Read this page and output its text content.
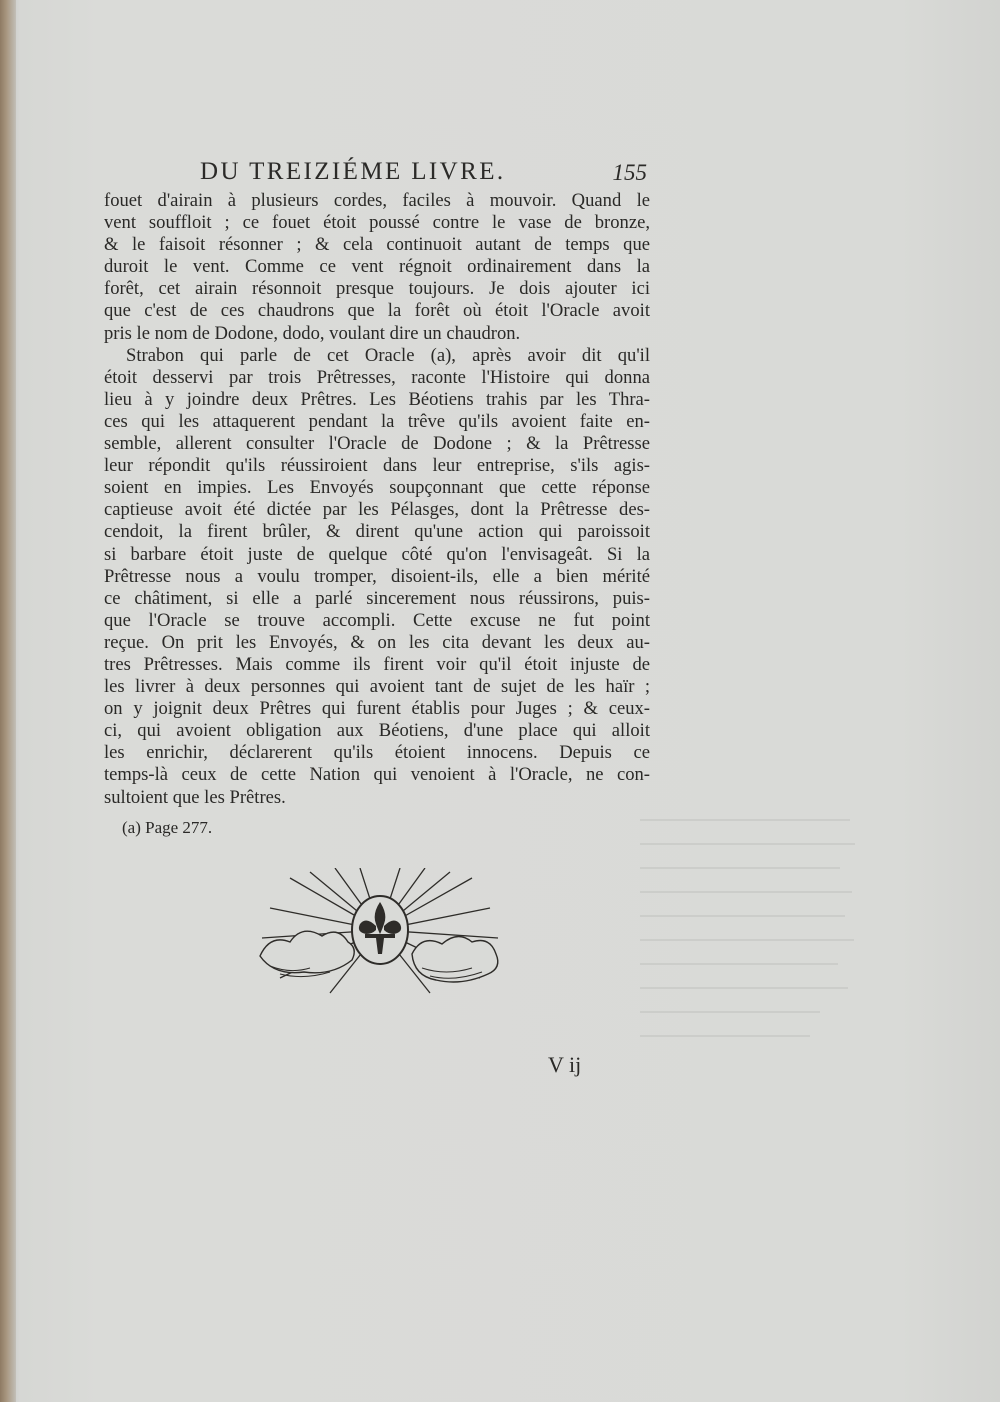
DU TREIZIÉME LIVRE.	155
fouet d'airain à plusieurs cordes, faciles à mouvoir. Quand le
vent souffloit ; ce fouet étoit poussé contre le vase de bronze,
& le faisoit résonner ; & cela continuoit autant de temps que
duroit le vent. Comme ce vent régnoit ordinairement dans la
forêt, cet airain résonnoit presque toujours. Je dois ajouter ici
que c'est de ces chaudrons que la forêt où étoit l'Oracle avoit
pris le nom de Dodone, dodo, voulant dire un chaudron.
Strabon qui parle de cet Oracle (a), après avoir dit qu'il
étoit desservi par trois Prêtresses, raconte l'Histoire qui donna
lieu à y joindre deux Prêtres. Les Béotiens trahis par les Thra-
ces qui les attaquerent pendant la trêve qu'ils avoient faite en-
semble, allerent consulter l'Oracle de Dodone ; & la Prêtresse
leur répondit qu'ils réussiroient dans leur entreprise, s'ils agis-
soient en impies. Les Envoyés soupçonnant que cette réponse
captieuse avoit été dictée par les Pélasges, dont la Prêtresse des-
cendoit, la firent brûler, & dirent qu'une action qui paroissoit
si barbare étoit juste de quelque côté qu'on l'envisageât. Si la
Prêtresse nous a voulu tromper, disoient-ils, elle a bien mérité
ce châtiment, si elle a parlé sincerement nous réussirons, puis-
que l'Oracle se trouve accompli. Cette excuse ne fut point
reçue. On prit les Envoyés, & on les cita devant les deux au-
tres Prêtresses. Mais comme ils firent voir qu'il étoit injuste de
les livrer à deux personnes qui avoient tant de sujet de les haïr ;
on y joignit deux Prêtres qui furent établis pour Juges ; & ceux-
ci, qui avoient obligation aux Béotiens, d'une place qui alloit
les enrichir, déclarerent qu'ils étoient innocens. Depuis ce
temps-là ceux de cette Nation qui venoient à l'Oracle, ne con-
sultoient que les Prêtres.
(a) Page 277.
V ij
